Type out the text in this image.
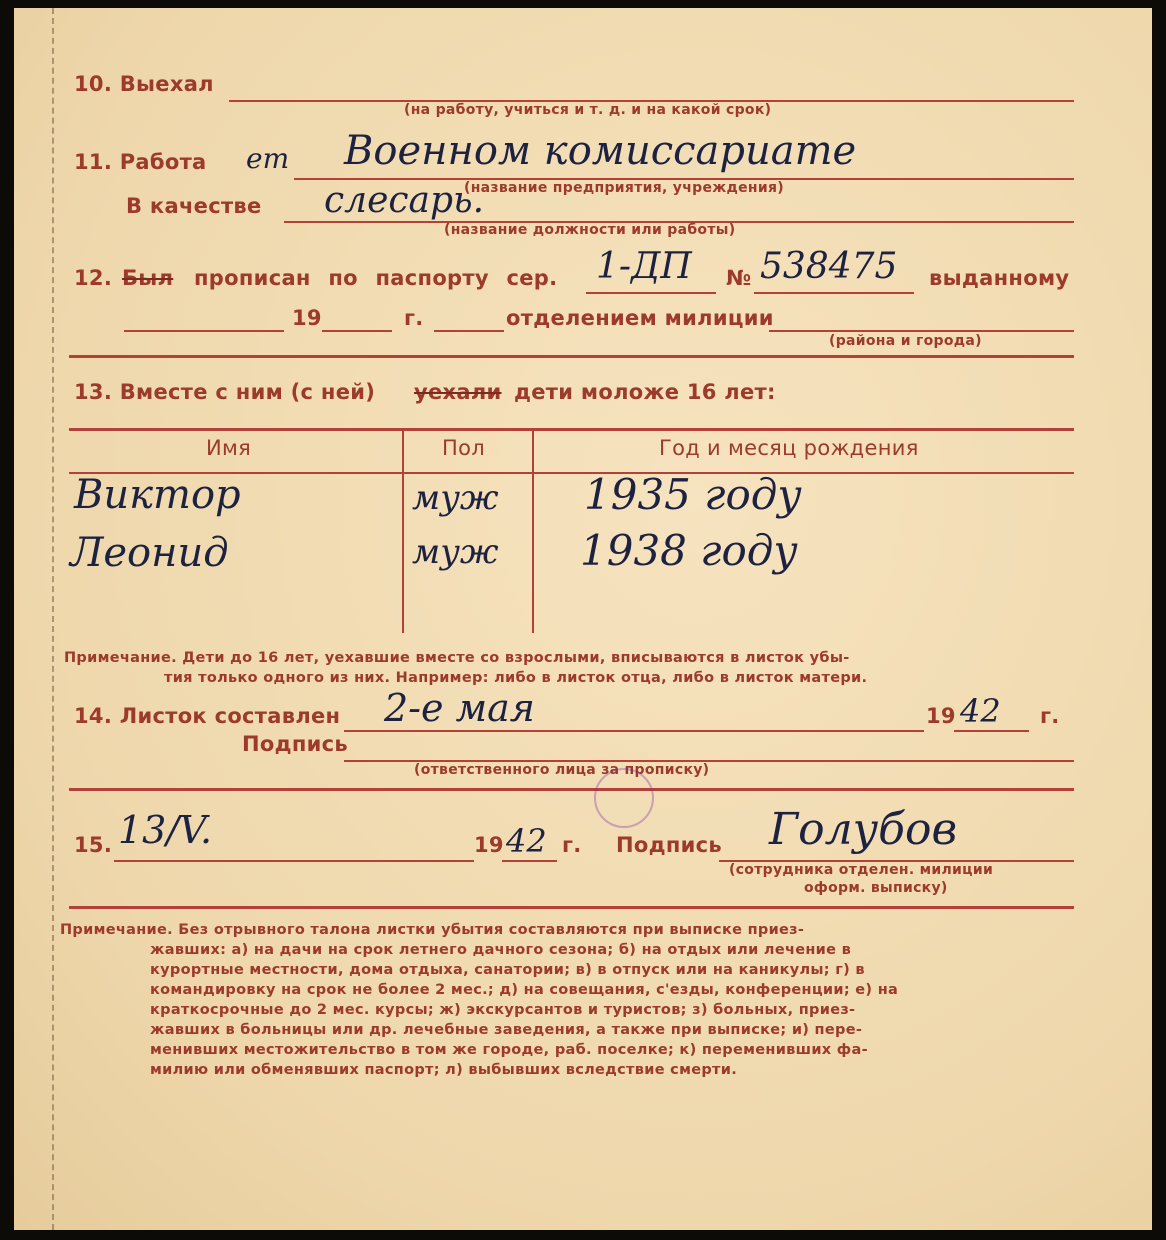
10. Выехал
(на работу, учиться и т. д. и на какой срок)
11. Работа ет Военном комиссариате
(название предприятия, учреждения)
В качестве слесарь.
(название должности или работы)
12. Был прописан по паспорту сер. 1-ДП № 538475 выданному
19	г.	отделением милиции
(района и города)
13. Вместе с ним (с ней) уехали дети моложе 16 лет:
Имя	Пол	Год и месяц рождения
Виктор	муж 1935 году
Леонид	муж 1938 году
Примечание. Дети до 16 лет, уехавшие вместе со взрослыми, вписываются в листок убы-
тия только одного из них. Например: либо в листок отца, либо в листок матери.
14. Листок составлен 2-е мая	19 42 г.
Подпись
(ответственного лица за прописку)
15. 13/V.	19 42 г. Подпись Голубов
(сотрудника отделен. милиции
оформ. выписку)
Примечание. Без отрывного талона листки убытия составляются при выписке приез-
жавших: а) на дачи на срок летнего дачного сезона; б) на отдых или лечение в
курортные местности, дома отдыха, санатории; в) в отпуск или на каникулы; г) в
командировку на срок не более 2 мес.; д) на совещания, с'езды, конференции; е) на
краткосрочные до 2 мес. курсы; ж) экскурсантов и туристов; з) больных, приез-
жавших в больницы или др. лечебные заведения, а также при выписке; и) пере-
менивших местожительство в том же городе, раб. поселке; к) переменивших фа-
милию или обменявших паспорт; л) выбывших вследствие смерти.
